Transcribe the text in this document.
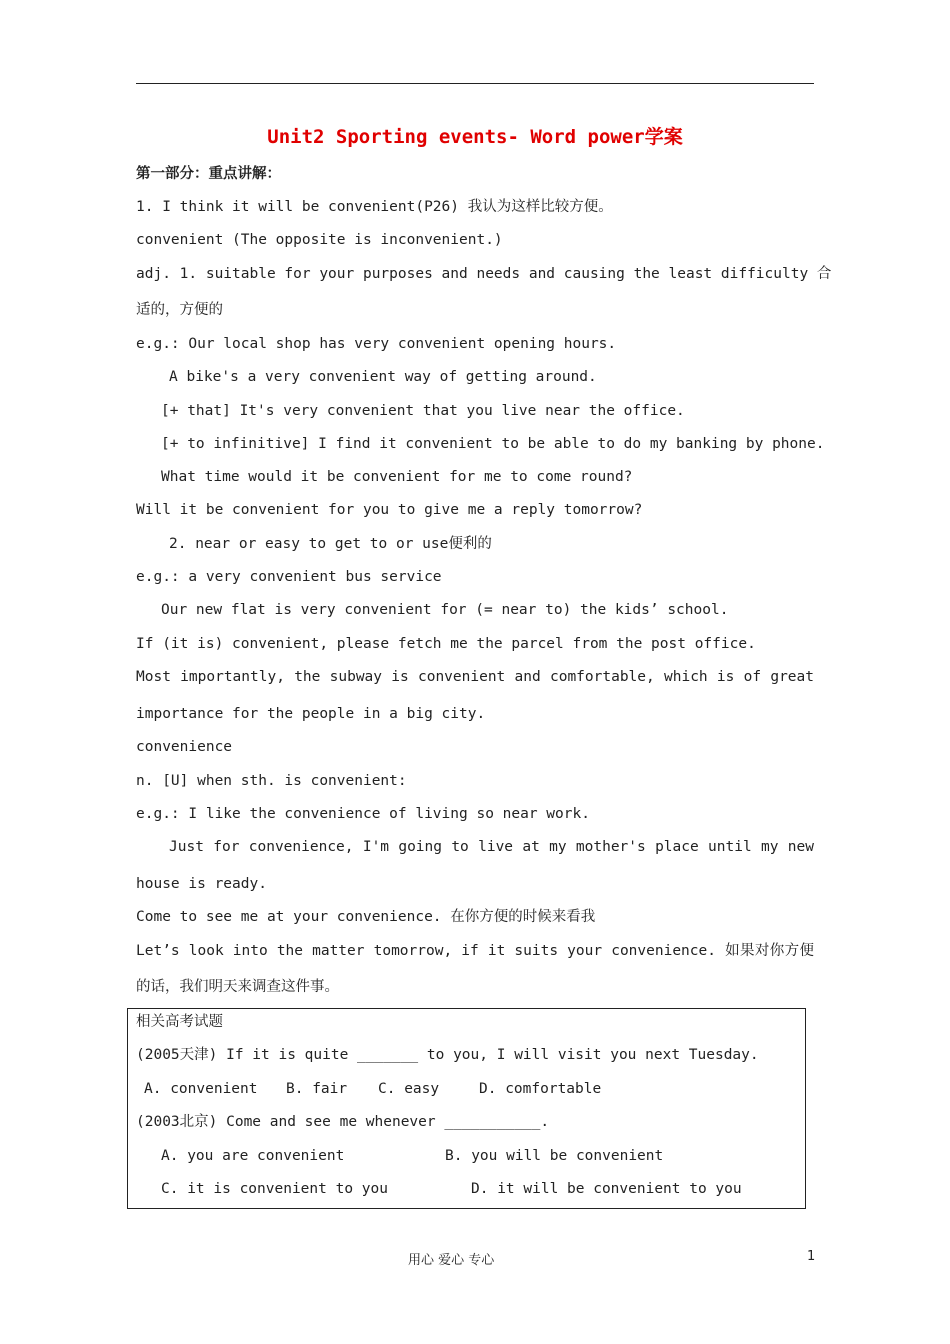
Unit2 Sporting events- Word power学案
第一部分：重点讲解：
1. I think it will be convenient(P26) 我认为这样比较方便。
convenient (The opposite is inconvenient.)
adj. 1. suitable for your purposes and needs and causing the least difficulty 合
适的，方便的
e.g.: Our local shop has very convenient opening hours.
A bike's a very convenient way of getting around.
[+ that] It's very convenient that you live near the office.
[+ to infinitive] I find it convenient to be able to do my banking by phone.
What time would it be convenient for me to come round?
Will it be convenient for you to give me a reply tomorrow?
2. near or easy to get to or use便利的
e.g.: a very convenient bus service
Our new flat is very convenient for (= near to) the kids’ school.
If (it is) convenient, please fetch me the parcel from the post office.
Most importantly, the subway is convenient and comfortable, which is of great
importance for the people in a big city.
convenience
n. [U] when sth. is convenient:
e.g.: I like the convenience of living so near work.
Just for convenience, I'm going to live at my mother's place until my new
house is ready.
Come to see me at your convenience. 在你方便的时候来看我
Let’s look into the matter tomorrow, if it suits your convenience. 如果对你方便
的话，我们明天来调查这件事。
相关高考试题
(2005天津) If it is quite _______ to you, I will visit you next Tuesday.
A. convenient B. fair C. easy	D. comfortable
(2003北京) Come and see me whenever ___________.
A. you are convenient	B. you will be convenient
C. it is convenient to you	D. it will be convenient to you
用心 爱心 专心	1
